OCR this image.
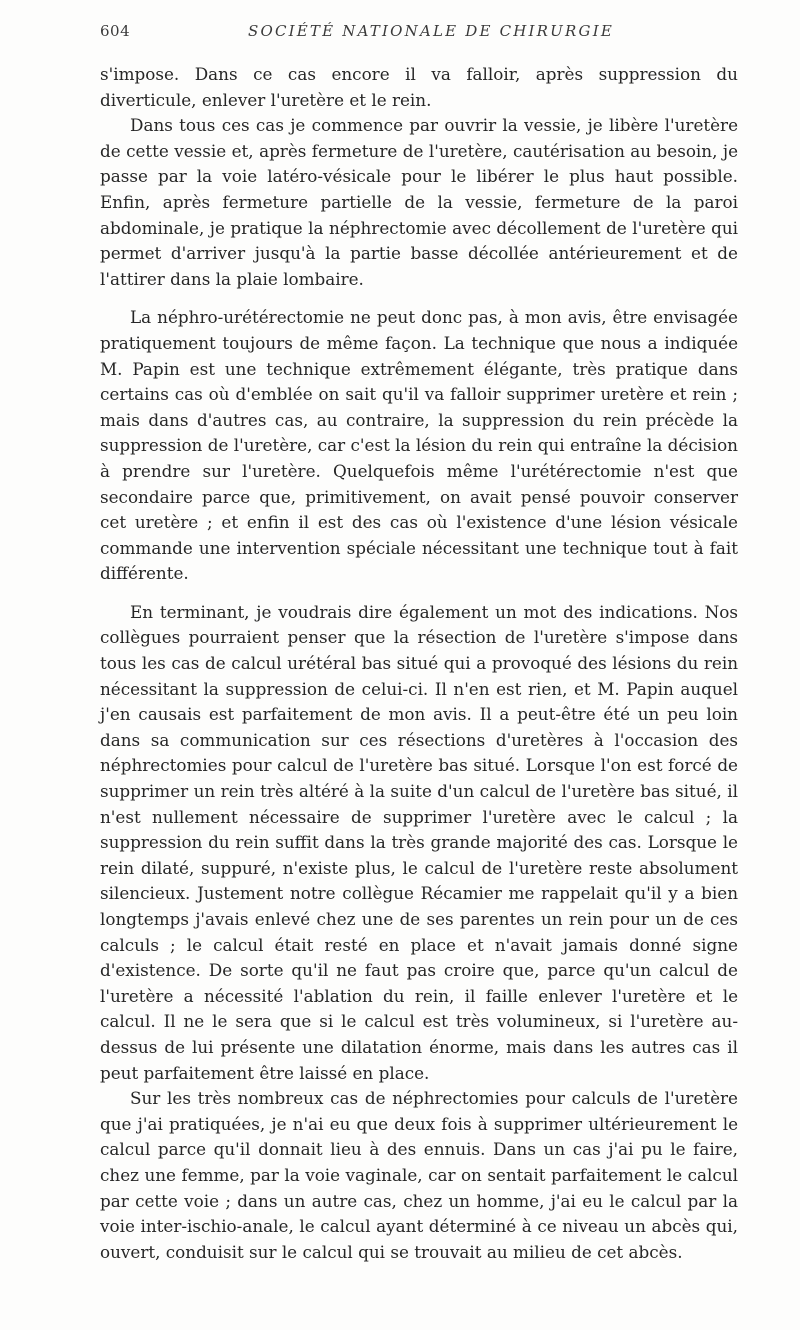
604	SOCIÉTÉ NATIONALE DE CHIRURGIE

s'impose. Dans ce cas encore il va falloir, après suppression du diverticule, enlever l'uretère et le rein.

Dans tous ces cas je commence par ouvrir la vessie, je libère l'uretère de cette vessie et, après fermeture de l'uretère, cautérisation au besoin, je passe par la voie latéro-vésicale pour le libérer le plus haut possible. Enfin, après fermeture partielle de la vessie, fermeture de la paroi abdominale, je pratique la néphrectomie avec décollement de l'uretère qui permet d'arriver jusqu'à la partie basse décollée antérieurement et de l'attirer dans la plaie lombaire.

La néphro-urétérectomie ne peut donc pas, à mon avis, être envisagée pratiquement toujours de même façon. La technique que nous a indiquée M. Papin est une technique extrêmement élégante, très pratique dans certains cas où d'emblée on sait qu'il va falloir supprimer uretère et rein ; mais dans d'autres cas, au contraire, la suppression du rein précède la suppression de l'uretère, car c'est la lésion du rein qui entraîne la décision à prendre sur l'uretère. Quelquefois même l'urétérectomie n'est que secondaire parce que, primitivement, on avait pensé pouvoir conserver cet uretère ; et enfin il est des cas où l'existence d'une lésion vésicale commande une intervention spéciale nécessitant une technique tout à fait différente.

En terminant, je voudrais dire également un mot des indications. Nos collègues pourraient penser que la résection de l'uretère s'impose dans tous les cas de calcul urétéral bas situé qui a provoqué des lésions du rein nécessitant la suppression de celui-ci. Il n'en est rien, et M. Papin auquel j'en causais est parfaitement de mon avis. Il a peut-être été un peu loin dans sa communication sur ces résections d'uretères à l'occasion des néphrectomies pour calcul de l'uretère bas situé. Lorsque l'on est forcé de supprimer un rein très altéré à la suite d'un calcul de l'uretère bas situé, il n'est nullement nécessaire de supprimer l'uretère avec le calcul ; la suppression du rein suffit dans la très grande majorité des cas. Lorsque le rein dilaté, suppuré, n'existe plus, le calcul de l'uretère reste absolument silencieux. Justement notre collègue Récamier me rappelait qu'il y a bien longtemps j'avais enlevé chez une de ses parentes un rein pour un de ces calculs ; le calcul était resté en place et n'avait jamais donné signe d'existence. De sorte qu'il ne faut pas croire que, parce qu'un calcul de l'uretère a nécessité l'ablation du rein, il faille enlever l'uretère et le calcul. Il ne le sera que si le calcul est très volumineux, si l'uretère au-dessus de lui présente une dilatation énorme, mais dans les autres cas il peut parfaitement être laissé en place.

Sur les très nombreux cas de néphrectomies pour calculs de l'uretère que j'ai pratiquées, je n'ai eu que deux fois à supprimer ultérieurement le calcul parce qu'il donnait lieu à des ennuis. Dans un cas j'ai pu le faire, chez une femme, par la voie vaginale, car on sentait parfaitement le calcul par cette voie ; dans un autre cas, chez un homme, j'ai eu le calcul par la voie inter-ischio-anale, le calcul ayant déterminé à ce niveau un abcès qui, ouvert, conduisit sur le calcul qui se trouvait au milieu de cet abcès.
